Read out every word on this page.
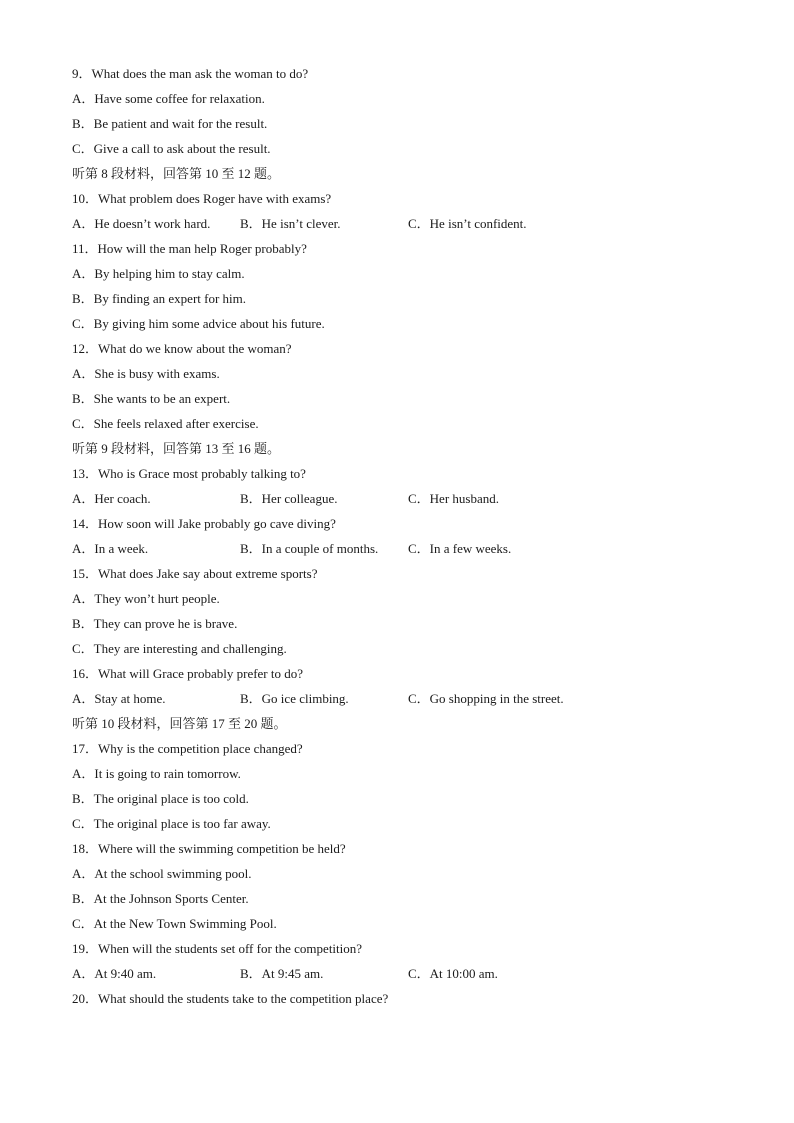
9．What does the man ask the woman to do?
A．Have some coffee for relaxation.
B．Be patient and wait for the result.
C．Give a call to ask about the result.
听第 8 段材料，回答第 10 至 12 题。
10．What problem does Roger have with exams?
A．He doesn’t work hard.	B．He isn’t clever.	C．He isn’t confident.
11．How will the man help Roger probably?
A．By helping him to stay calm.
B．By finding an expert for him.
C．By giving him some advice about his future.
12．What do we know about the woman?
A．She is busy with exams.
B．She wants to be an expert.
C．She feels relaxed after exercise.
听第 9 段材料，回答第 13 至 16 题。
13．Who is Grace most probably talking to?
A．Her coach.	B．Her colleague.	C．Her husband.
14．How soon will Jake probably go cave diving?
A．In a week.	B．In a couple of months.	C．In a few weeks.
15．What does Jake say about extreme sports?
A．They won’t hurt people.
B．They can prove he is brave.
C．They are interesting and challenging.
16．What will Grace probably prefer to do?
A．Stay at home.	B．Go ice climbing.	C．Go shopping in the street.
听第 10 段材料，回答第 17 至 20 题。
17．Why is the competition place changed?
A．It is going to rain tomorrow.
B．The original place is too cold.
C．The original place is too far away.
18．Where will the swimming competition be held?
A．At the school swimming pool.
B．At the Johnson Sports Center.
C．At the New Town Swimming Pool.
19．When will the students set off for the competition?
A．At 9:40 am.	B．At 9:45 am.	C．At 10:00 am.
20．What should the students take to the competition place?
